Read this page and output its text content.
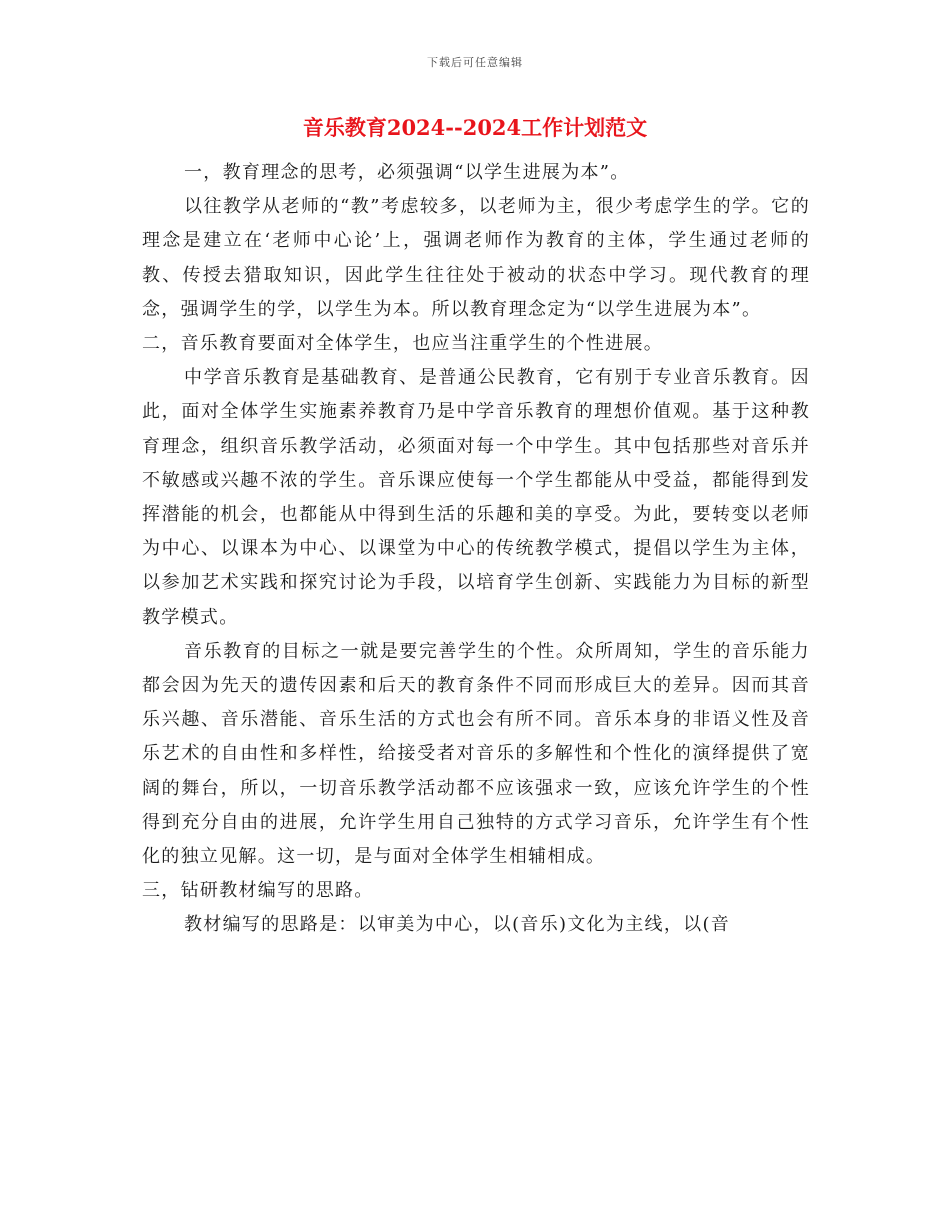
下载后可任意编辑
音乐教育2024--2024工作计划范文

一，教育理念的思考，必须强调“以学生进展为本”。

以往教学从老师的“教”考虑较多，以老师为主，很少考虑学生的学。它的理念是建立在‘老师中心论’上，强调老师作为教育的主体，学生通过老师的教、传授去猎取知识，因此学生往往处于被动的状态中学习。现代教育的理念，强调学生的学，以学生为本。所以教育理念定为“以学生进展为本”。

二，音乐教育要面对全体学生，也应当注重学生的个性进展。

中学音乐教育是基础教育、是普通公民教育，它有别于专业音乐教育。因此，面对全体学生实施素养教育乃是中学音乐教育的理想价值观。基于这种教育理念，组织音乐教学活动，必须面对每一个中学生。其中包括那些对音乐并不敏感或兴趣不浓的学生。音乐课应使每一个学生都能从中受益，都能得到发挥潜能的机会，也都能从中得到生活的乐趣和美的享受。为此，要转变以老师为中心、以课本为中心、以课堂为中心的传统教学模式，提倡以学生为主体，以参加艺术实践和探究讨论为手段，以培育学生创新、实践能力为目标的新型教学模式。

音乐教育的目标之一就是要完善学生的个性。众所周知，学生的音乐能力都会因为先天的遗传因素和后天的教育条件不同而形成巨大的差异。因而其音乐兴趣、音乐潜能、音乐生活的方式也会有所不同。音乐本身的非语义性及音乐艺术的自由性和多样性，给接受者对音乐的多解性和个性化的演绎提供了宽阔的舞台，所以，一切音乐教学活动都不应该强求一致，应该允许学生的个性得到充分自由的进展，允许学生用自己独特的方式学习音乐，允许学生有个性化的独立见解。这一切，是与面对全体学生相辅相成。

三，钻研教材编写的思路。

教材编写的思路是：以审美为中心，以(音乐)文化为主线，以(音
